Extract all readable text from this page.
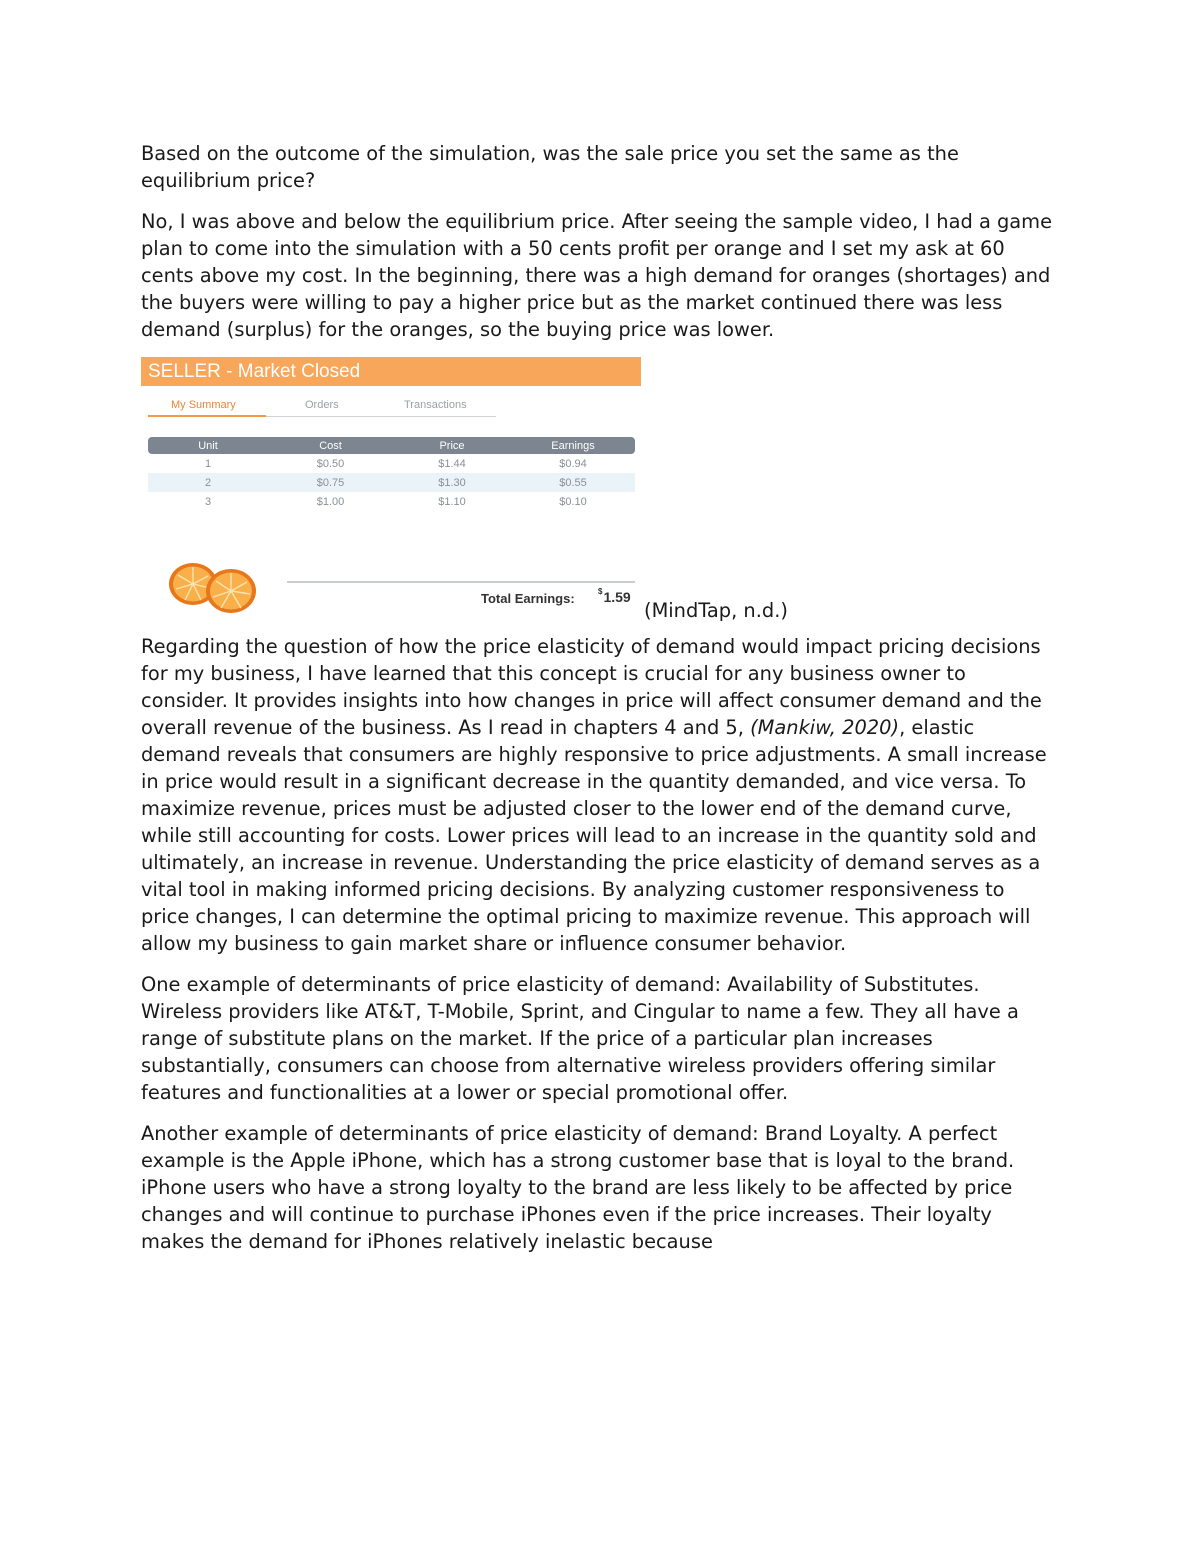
Based on the outcome of the simulation, was the sale price you set the same as the equilibrium price?

No, I was above and below the equilibrium price. After seeing the sample video, I had a game plan to come into the simulation with a 50 cents profit per orange and I set my ask at 60 cents above my cost. In the beginning, there was a high demand for oranges (shortages) and the buyers were willing to pay a higher price but as the market continued there was less demand (surplus) for the oranges, so the buying price was lower.

SELLER - Market Closed
My Summary	Orders	Transactions
Unit	Cost	Price	Earnings
1	$0.50	$1.44	$0.94
2	$0.75	$1.30	$0.55
3	$1.00	$1.10	$0.10
Total Earnings:	$1.59
(MindTap, n.d.)

Regarding the question of how the price elasticity of demand would impact pricing decisions for my business, I have learned that this concept is crucial for any business owner to consider. It provides insights into how changes in price will affect consumer demand and the overall revenue of the business. As I read in chapters 4 and 5, (Mankiw, 2020), elastic demand reveals that consumers are highly responsive to price adjustments. A small increase in price would result in a significant decrease in the quantity demanded, and vice versa. To maximize revenue, prices must be adjusted closer to the lower end of the demand curve, while still accounting for costs. Lower prices will lead to an increase in the quantity sold and ultimately, an increase in revenue. Understanding the price elasticity of demand serves as a vital tool in making informed pricing decisions. By analyzing customer responsiveness to price changes, I can determine the optimal pricing to maximize revenue. This approach will allow my business to gain market share or influence consumer behavior.

One example of determinants of price elasticity of demand: Availability of Substitutes. Wireless providers like AT&T, T-Mobile, Sprint, and Cingular to name a few. They all have a range of substitute plans on the market. If the price of a particular plan increases substantially, consumers can choose from alternative wireless providers offering similar features and functionalities at a lower or special promotional offer.

Another example of determinants of price elasticity of demand: Brand Loyalty. A perfect example is the Apple iPhone, which has a strong customer base that is loyal to the brand. iPhone users who have a strong loyalty to the brand are less likely to be affected by price changes and will continue to purchase iPhones even if the price increases. Their loyalty makes the demand for iPhones relatively inelastic because
